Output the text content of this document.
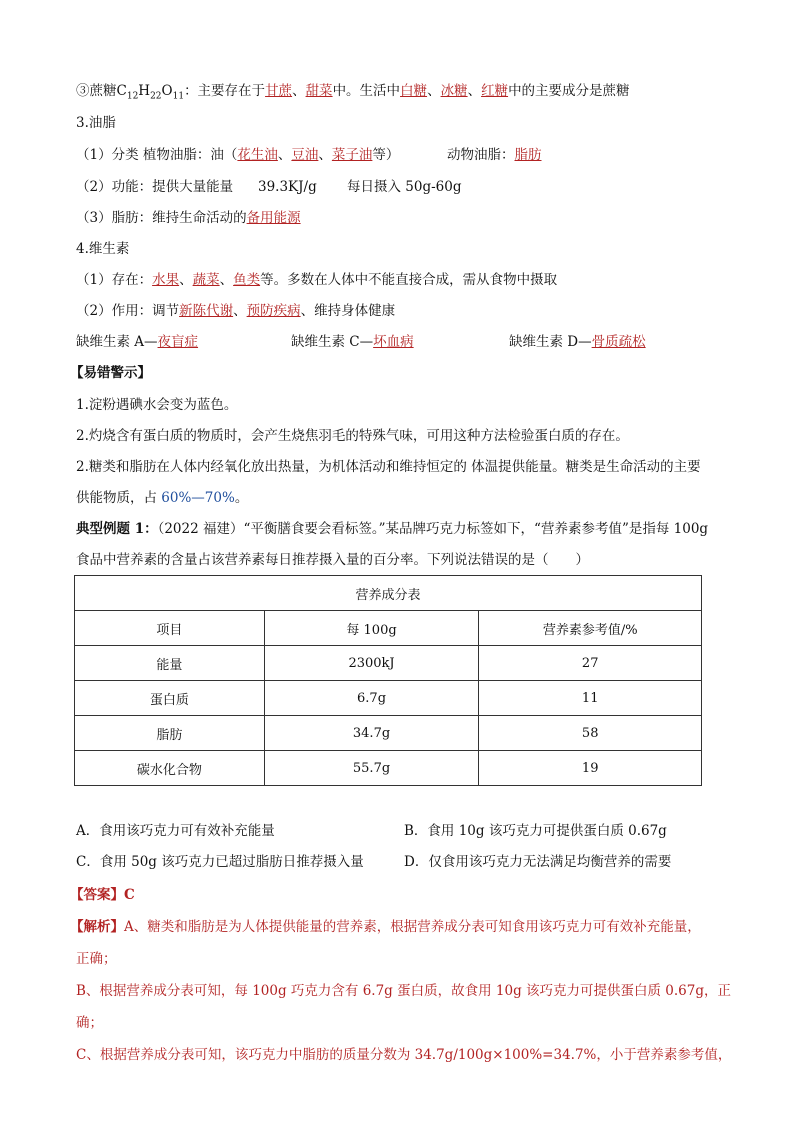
③蔗糖$C_{12}H_{22}O_{11}$：主要存在于甘蔗、甜菜中。生活中白糖、冰糖、红糖中的主要成分是蔗糖
3.油脂
（1）分类 植物油脂：油（花生油、豆油、菜子油等）	动物油脂：脂肪
（2）功能：提供大量能量 39.3KJ/g 每日摄入 50g-60g
（3）脂肪：维持生命活动的备用能源
4.维生素
（1）存在：水果、蔬菜、鱼类等。多数在人体中不能直接合成，需从食物中摄取
（2）作用：调节新陈代谢、预防疾病、维持身体健康
缺维生素 A—夜盲症	缺维生素 C—坏血病	缺维生素 D—骨质疏松
【易错警示】
1.淀粉遇碘水会变为蓝色。
2.灼烧含有蛋白质的物质时，会产生烧焦羽毛的特殊气味，可用这种方法检验蛋白质的存在。
2.糖类和脂肪在人体内经氧化放出热量，为机体活动和维持恒定的 体温提供能量。糖类是生命活动的主要
供能物质，占 60%—70%。
典型例题 1：（2022 福建）“平衡膳食要会看标签。”某品牌巧克力标签如下，“营养素参考值”是指每 100g
食品中营养素的含量占该营养素每日推荐摄入量的百分率。下列说法错误的是（　　）
营养成分表		
项目	每 100g	营养素参考值/%
能量	2300kJ	27
蛋白质	6.7g	11
脂肪	34.7g	58
碳水化合物	55.7g	19
A．食用该巧克力可有效补充能量	B．食用 10g 该巧克力可提供蛋白质 0.67g
C．食用 50g 该巧克力已超过脂肪日推荐摄入量	D．仅食用该巧克力无法满足均衡营养的需要
【答案】C
【解析】A、糖类和脂肪是为人体提供能量的营养素，根据营养成分表可知食用该巧克力可有效补充能量，
正确；
B、根据营养成分表可知，每 100g 巧克力含有 6.7g 蛋白质，故食用 10g 该巧克力可提供蛋白质 0.67g，正
确；
C、根据营养成分表可知，该巧克力中脂肪的质量分数为 34.7g/100g×100%=34.7%，小于营养素参考值，
